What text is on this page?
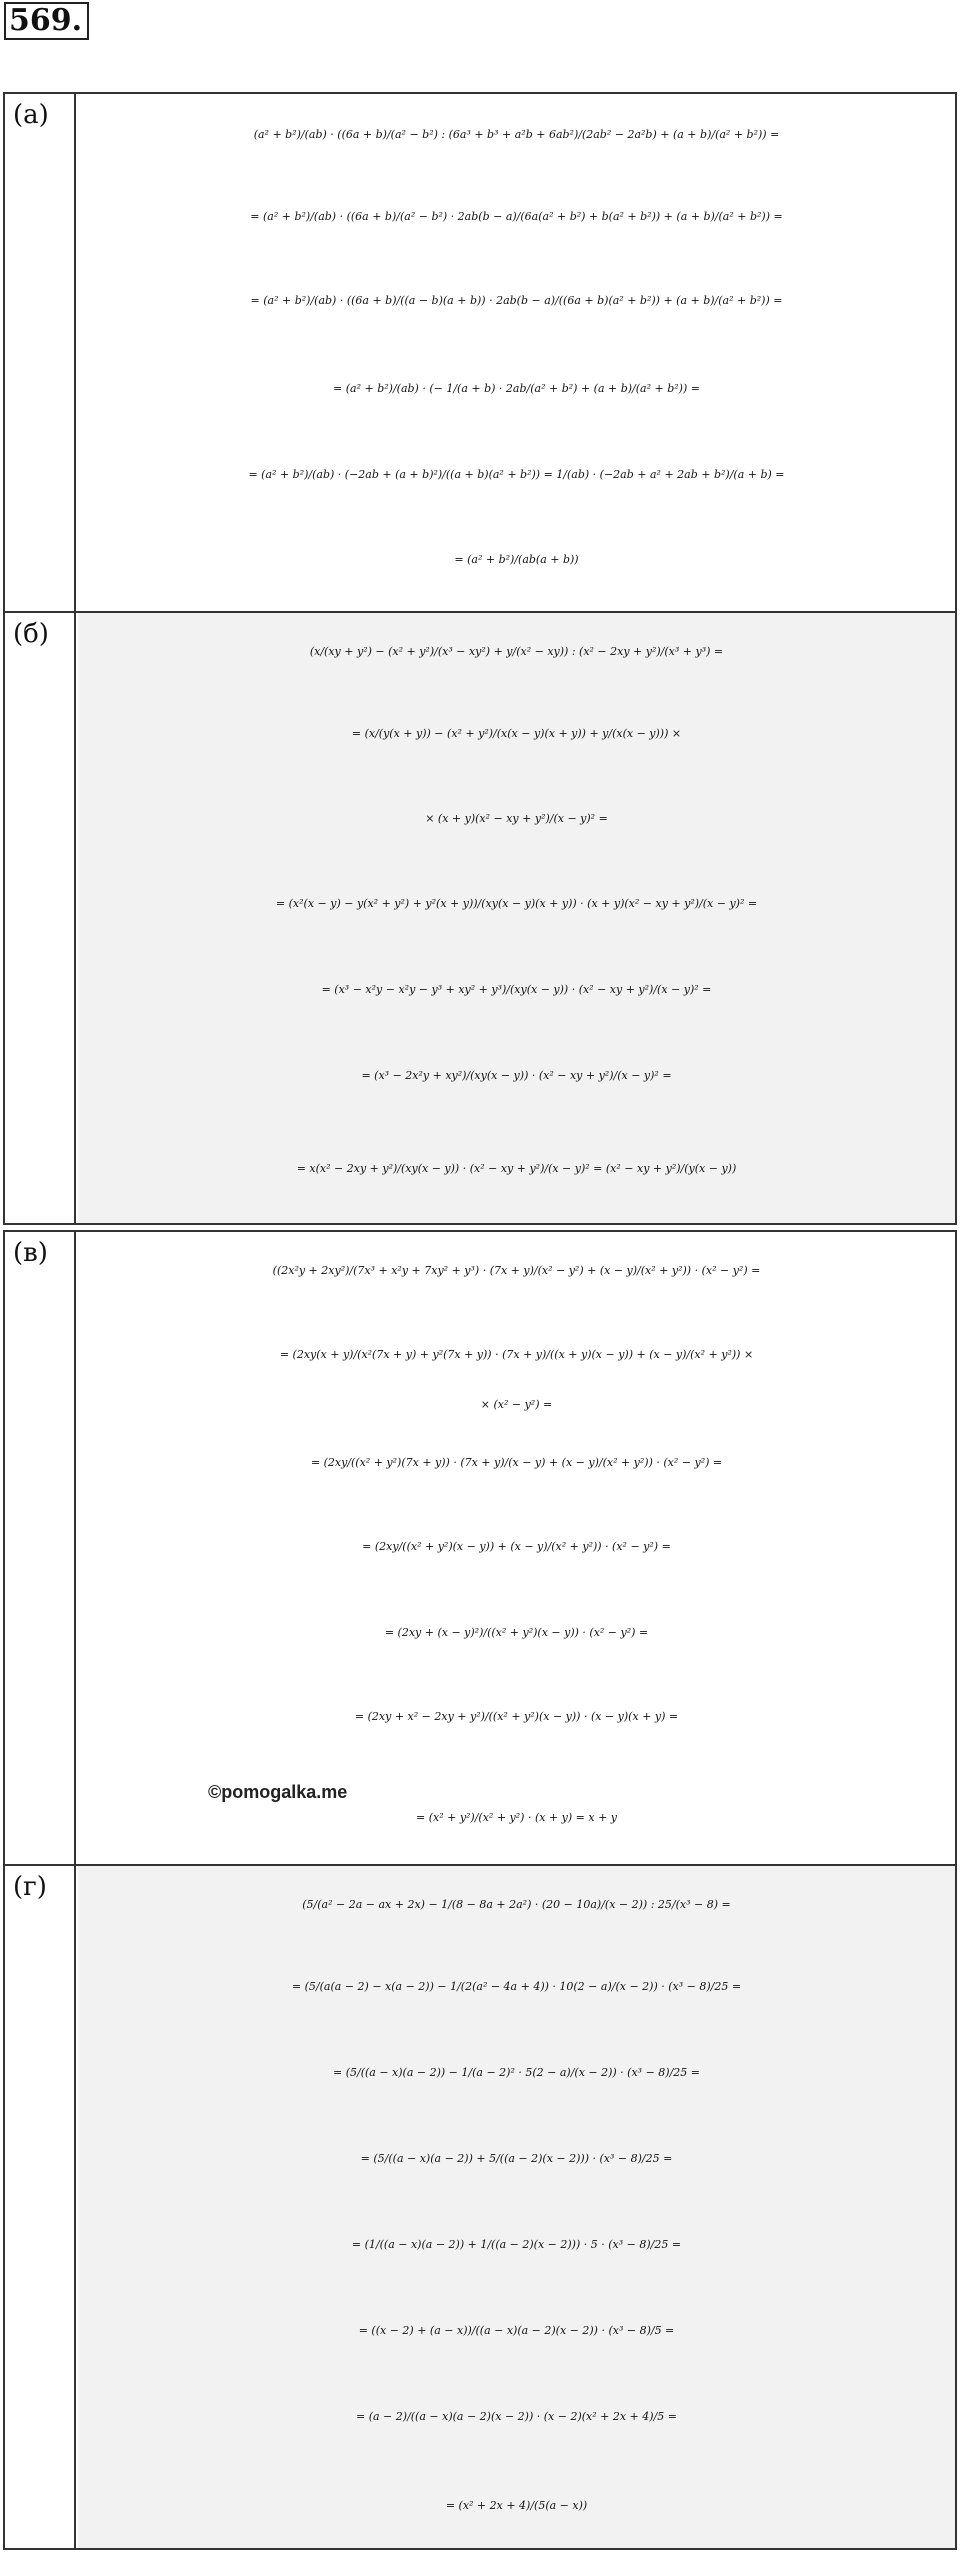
569.
(а)
(a² + b²)/(ab) · ((6a + b)/(a² − b²) : (6a³ + b³ + a²b + 6ab²)/(2ab² − 2a²b) + (a + b)/(a² + b²)) =
= (a² + b²)/(ab) · ((6a + b)/(a² − b²) · 2ab(b − a)/(6a(a² + b²) + b(a² + b²)) + (a + b)/(a² + b²)) =
= (a² + b²)/(ab) · ((6a + b)/((a − b)(a + b)) · 2ab(b − a)/((6a + b)(a² + b²)) + (a + b)/(a² + b²)) =
= (a² + b²)/(ab) · (− 1/(a + b) · 2ab/(a² + b²) + (a + b)/(a² + b²)) =
= (a² + b²)/(ab) · (−2ab + (a + b)²)/((a + b)(a² + b²)) = 1/(ab) · (−2ab + a² + 2ab + b²)/(a + b) =
= (a² + b²)/(ab(a + b))
(б)
(x/(xy + y²) − (x² + y²)/(x³ − xy²) + y/(x² − xy)) : (x² − 2xy + y²)/(x³ + y³) =
= (x/(y(x + y)) − (x² + y²)/(x(x − y)(x + y)) + y/(x(x − y))) ×
× (x + y)(x² − xy + y²)/(x − y)² =
= (x²(x − y) − y(x² + y²) + y²(x + y))/(xy(x − y)(x + y)) · (x + y)(x² − xy + y²)/(x − y)² =
= (x³ − x²y − x²y − y³ + xy² + y³)/(xy(x − y)) · (x² − xy + y²)/(x − y)² =
= (x³ − 2x²y + xy²)/(xy(x − y)) · (x² − xy + y²)/(x − y)² =
= x(x² − 2xy + y²)/(xy(x − y)) · (x² − xy + y²)/(x − y)² = (x² − xy + y²)/(y(x − y))
(в)
((2x²y + 2xy²)/(7x³ + x²y + 7xy² + y³) · (7x + y)/(x² − y²) + (x − y)/(x² + y²)) · (x² − y²) =
= (2xy(x + y)/(x²(7x + y) + y²(7x + y)) · (7x + y)/((x + y)(x − y)) + (x − y)/(x² + y²)) ×
× (x² − y²) =
= (2xy/((x² + y²)(7x + y)) · (7x + y)/(x − y) + (x − y)/(x² + y²)) · (x² − y²) =
= (2xy/((x² + y²)(x − y)) + (x − y)/(x² + y²)) · (x² − y²) =
= (2xy + (x − y)²)/((x² + y²)(x − y)) · (x² − y²) =
= (2xy + x² − 2xy + y²)/((x² + y²)(x − y)) · (x − y)(x + y) =
= (x² + y²)/(x² + y²) · (x + y) = x + y
©pomogalka.me
(г)
(5/(a² − 2a − ax + 2x) − 1/(8 − 8a + 2a²) · (20 − 10a)/(x − 2)) : 25/(x³ − 8) =
= (5/(a(a − 2) − x(a − 2)) − 1/(2(a² − 4a + 4)) · 10(2 − a)/(x − 2)) · (x³ − 8)/25 =
= (5/((a − x)(a − 2)) − 1/(a − 2)² · 5(2 − a)/(x − 2)) · (x³ − 8)/25 =
= (5/((a − x)(a − 2)) + 5/((a − 2)(x − 2))) · (x³ − 8)/25 =
= (1/((a − x)(a − 2)) + 1/((a − 2)(x − 2))) · 5 · (x³ − 8)/25 =
= ((x − 2) + (a − x))/((a − x)(a − 2)(x − 2)) · (x³ − 8)/5 =
= (a − 2)/((a − x)(a − 2)(x − 2)) · (x − 2)(x² + 2x + 4)/5 =
= (x² + 2x + 4)/(5(a − x))
